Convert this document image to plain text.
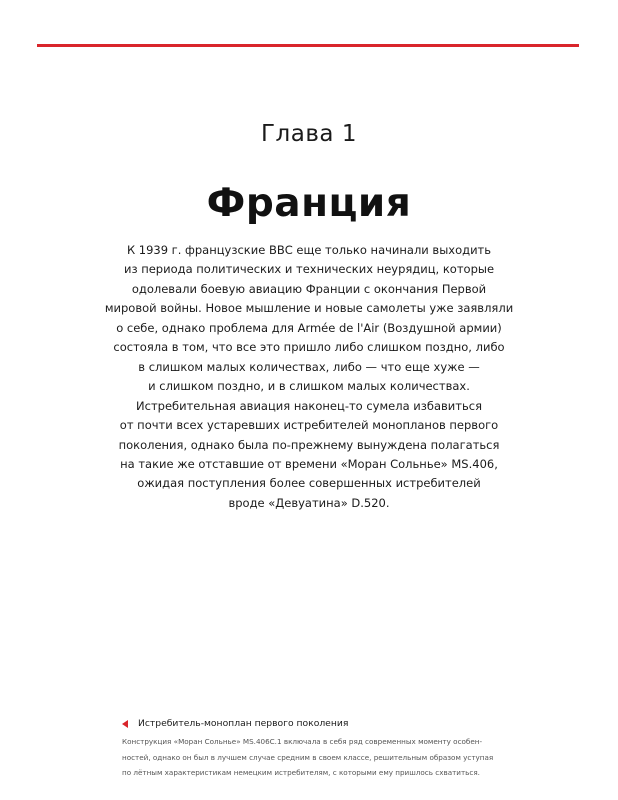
Глава 1
Франция
К 1939 г. французские ВВС еще только начинали выходить
из периода политических и технических неурядиц, которые
одолевали боевую авиацию Франции с окончания Первой
мировой войны. Новое мышление и новые самолеты уже заявляли
о себе, однако проблема для Armée de l'Air (Воздушной армии)
состояла в том, что все это пришло либо слишком поздно, либо
в слишком малых количествах, либо — что еще хуже —
и слишком поздно, и в слишком малых количествах.
Истребительная авиация наконец-то сумела избавиться
от почти всех устаревших истребителей монопланов первого
поколения, однако была по-прежнему вынуждена полагаться
на такие же отставшие от времени «Моран Сольнье» MS.406,
ожидая поступления более совершенных истребителей
вроде «Девуатина» D.520.
Истребитель-моноплан первого поколения
Конструкция «Моран Сольнье» MS.406C.1 включала в себя ряд современных моменту особен-
ностей, однако он был в лучшем случае средним в своем классе, решительным образом уступая
по лётным характеристикам немецким истребителям, с которыми ему пришлось схватиться.
